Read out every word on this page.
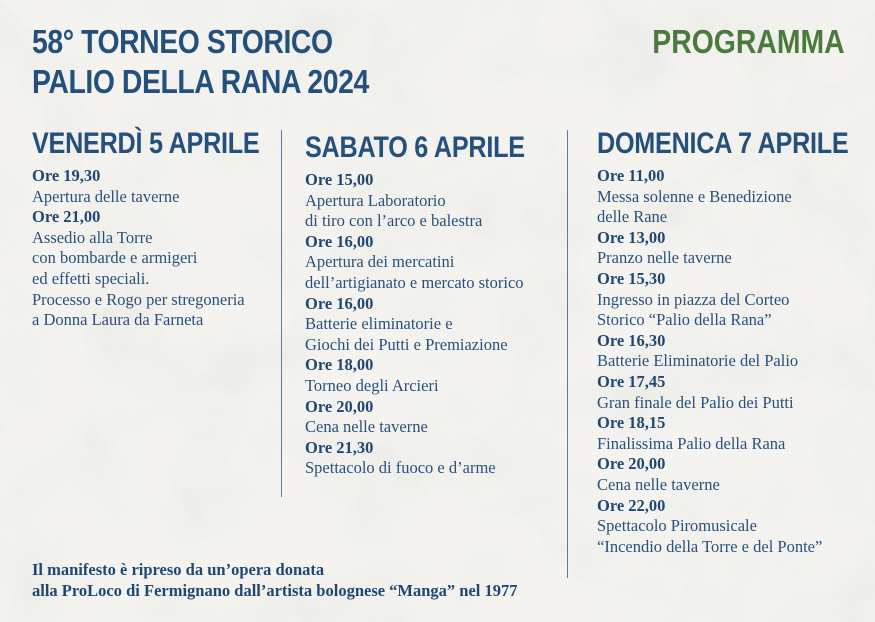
58° TORNEO STORICO
PALIO DELLA RANA 2024
PROGRAMMA
VENERDÌ 5 APRILE
Ore 19,30
Apertura delle taverne
Ore 21,00
Assedio alla Torre
con bombarde e armigeri
ed effetti speciali.
Processo e Rogo per stregoneria
a Donna Laura da Farneta
SABATO 6 APRILE
Ore 15,00
Apertura Laboratorio
di tiro con l’arco e balestra
Ore 16,00
Apertura dei mercatini
dell’artigianato e mercato storico
Ore 16,00
Batterie eliminatorie e
Giochi dei Putti e Premiazione
Ore 18,00
Torneo degli Arcieri
Ore 20,00
Cena nelle taverne
Ore 21,30
Spettacolo di fuoco e d’arme
DOMENICA 7 APRILE
Ore 11,00
Messa solenne e Benedizione
delle Rane
Ore 13,00
Pranzo nelle taverne
Ore 15,30
Ingresso in piazza del Corteo
Storico “Palio della Rana”
Ore 16,30
Batterie Eliminatorie del Palio
Ore 17,45
Gran finale del Palio dei Putti
Ore 18,15
Finalissima Palio della Rana
Ore 20,00
Cena nelle taverne
Ore 22,00
Spettacolo Piromusicale
“Incendio della Torre e del Ponte”
Il manifesto è ripreso da un’opera donata
alla ProLoco di Fermignano dall’artista bolognese “Manga” nel 1977
